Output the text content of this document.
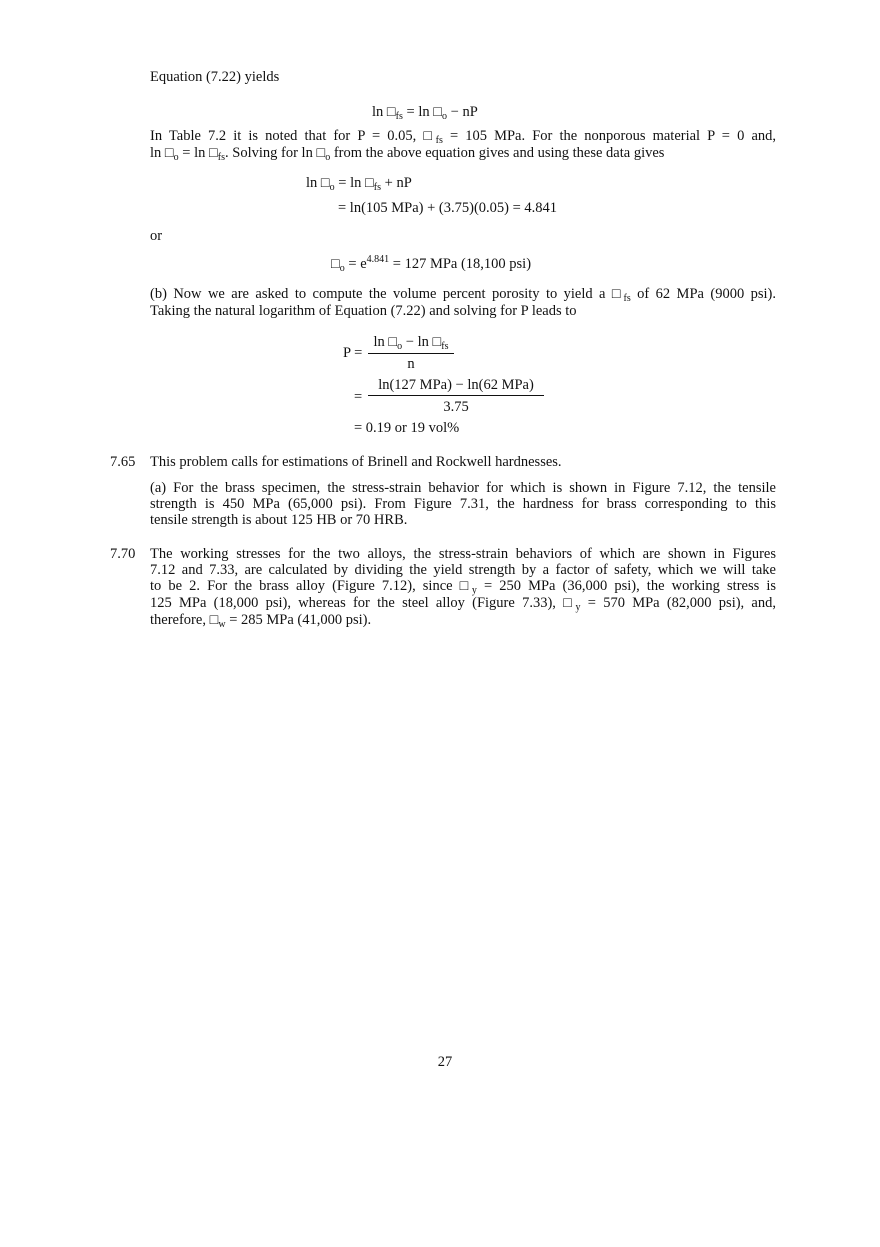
Equation (7.22) yields
$\ln □_{fs} = \ln$ $□_o$ − nP
In Table 7.2 it is noted that for P = 0.05, $□_{fs} = 105$ MPa. For the nonporous material P = 0 and,
$\ln □_o = \ln$ $□_{fs}$. Solving for $\ln □_o$ from the above equation gives and using these data gives
$\ln □_o = \ln$ $□_{fs}$ + nP
= ln(105 MPa) + (3.75)(0.05) = 4.841
or
$□_o = e^{4.841} = 127$ MPa (18,100 psi)
(b) Now we are asked to compute the volume percent porosity to yield a $□_{fs}$ of 62 MPa (9000 psi).
Taking the natural logarithm of Equation (7.22) and solving for P leads to
P =
$\ln □_o - \ln$ $□_{fs}$
n
=
ln(127 MPa) − ln(62 MPa)
3.75
= 0.19 or 19 vol%
7.65 This problem calls for estimations of Brinell and Rockwell hardnesses.
(a) For the brass specimen, the stress-strain behavior for which is shown in Figure 7.12, the tensile
strength is 450 MPa (65,000 psi). From Figure 7.31, the hardness for brass corresponding to this
tensile strength is about 125 HB or 70 HRB.
7.70 The working stresses for the two alloys, the stress-strain behaviors of which are shown in Figures
7.12 and 7.33, are calculated by dividing the yield strength by a factor of safety, which we will take
to be 2. For the brass alloy (Figure 7.12), since $□_y = 250$ MPa (36,000 psi), the working stress is
125 MPa (18,000 psi), whereas for the steel alloy (Figure 7.33), $□_y = 570$ MPa (82,000 psi), and,
therefore, $□_w = 285$ MPa (41,000 psi).
27
